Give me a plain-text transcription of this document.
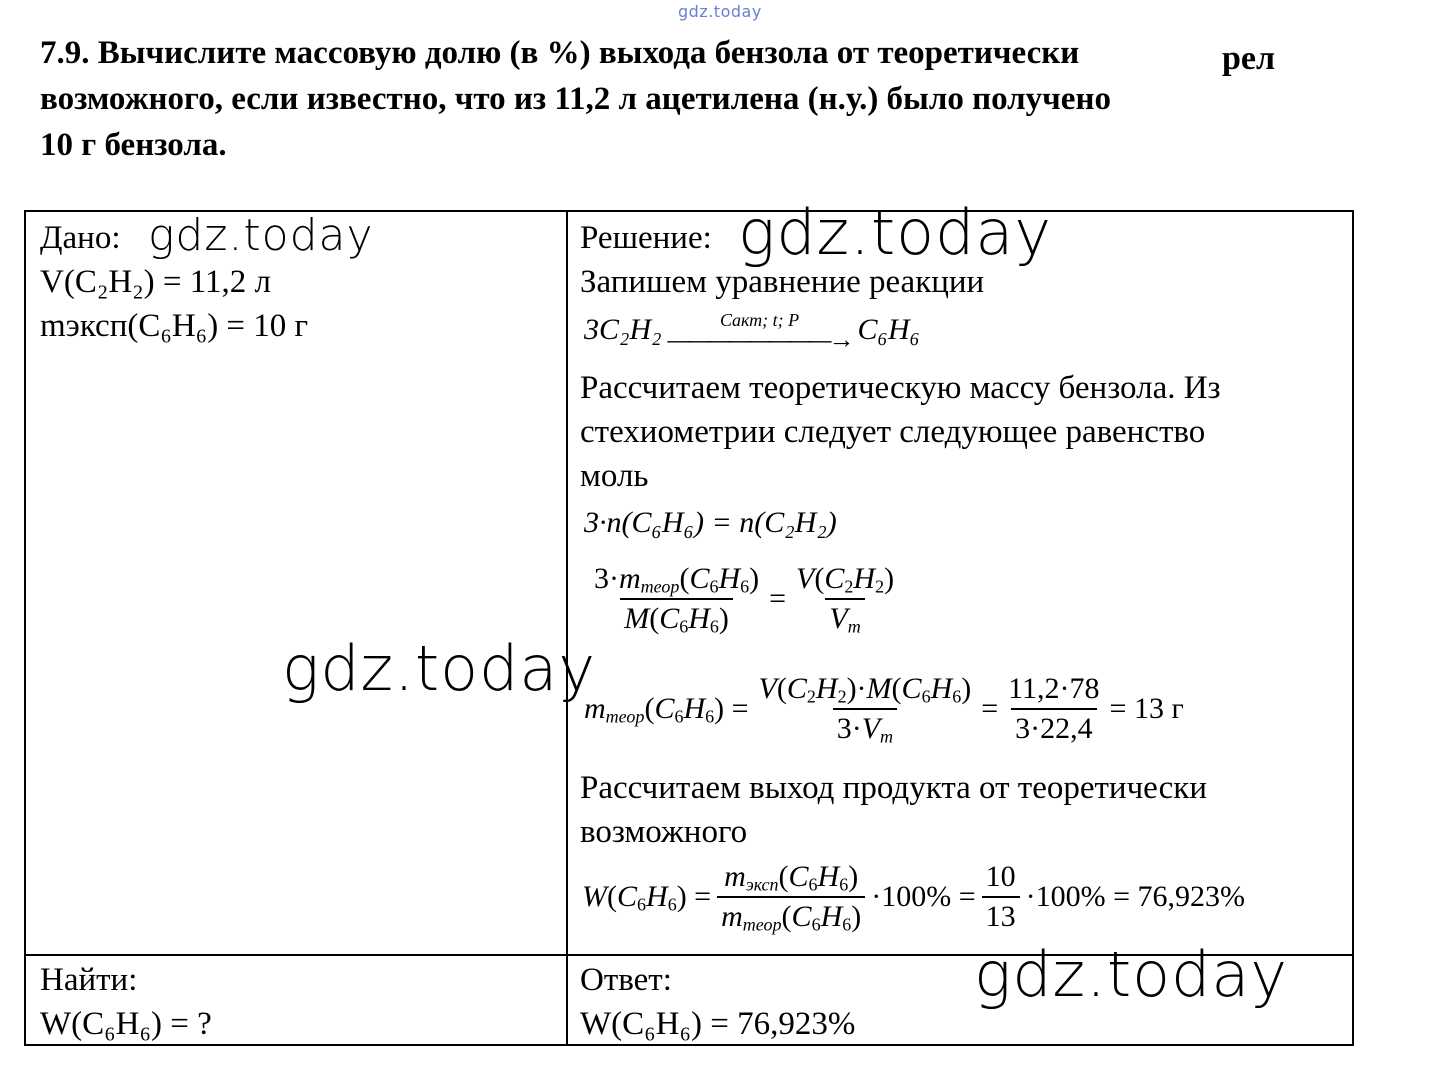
gdz.today
7.9. Вычислите массовую долю (в %) выхода бензола от теоретически
возможного, если известно, что из 11,2 л ацетилена (н.у.) было получено
10 г бензола.
рел
Дано:
V(C₂H₂) = 11,2 л
mэксп(C₆H₆) = 10 г
Найти:
W(C₆H₆) = ?
Решение:
Запишем уравнение реакции
3C₂H₂	Cакт; t; P
————————→ C₆H₆
Рассчитаем теоретическую массу бензола. Из
стехиометрии следует следующее равенство
моль
3·n(C₆H₆) = n(C₂H₂)
$\frac{3\cdot m_{теор}(C_6H_6)}{M(C_6H_6)} = \frac{V(C_2H_2)}{V_m}$
$m_{теор}(C_6H_6) = \frac{V(C_2H_2)\cdot M(C_6H_6)}{3\cdot V_m} = \frac{11,2\cdot 78}{3\cdot 22,4} = 13$ г
Рассчитаем выход продукта от теоретически
возможного
$W(C_6H_6) = \frac{m_{эксп}(C_6H_6)}{m_{теор}(C_6H_6)} \cdot 100\% = \frac{10}{13} \cdot 100\% = 76,923\%$
Ответ:
W(C₆H₆) = 76,923%
gdz.today	gdz.today
gdz.today
gdz.today
